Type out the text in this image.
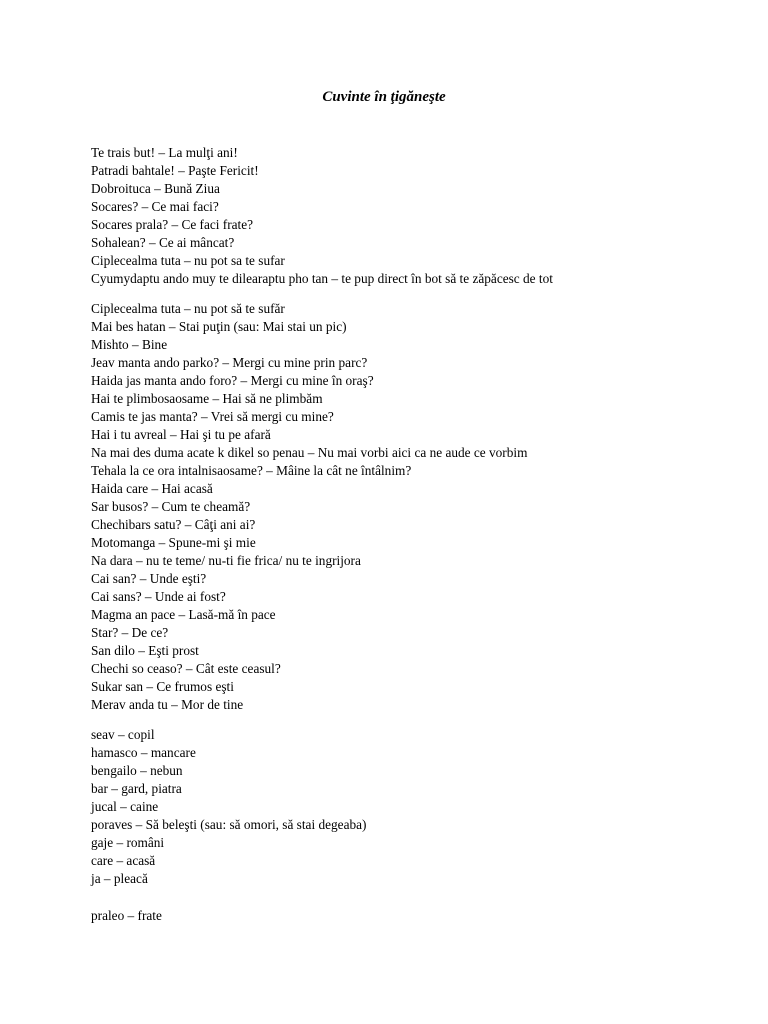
Cuvinte în ţigăneşte
Te trais but! – La mulţi ani!
Patradi bahtale! – Paşte Fericit!
Dobroituca – Bună Ziua
Socares? – Ce mai faci?
Socares prala? – Ce faci frate?
Sohalean? – Ce ai mâncat?
Ciplecealma tuta – nu pot sa te sufar
Cyumydaptu ando muy te dilearaptu pho tan – te pup direct în bot să te zăpăcesc de tot
Ciplecealma tuta – nu pot să te sufăr
Mai bes hatan – Stai puţin (sau: Mai stai un pic)
Mishto – Bine
Jeav manta ando parko? – Mergi cu mine prin parc?
Haida jas manta ando foro? – Mergi cu mine în oraş?
Hai te plimbosaosame – Hai să ne plimbăm
Camis te jas manta? – Vrei să mergi cu mine?
Hai i tu avreal – Hai şi tu pe afară
Na mai des duma acate k dikel so penau – Nu mai vorbi aici ca ne aude ce vorbim
Tehala la ce ora intalnisaosame? – Mâine la cât ne întâlnim?
Haida care – Hai acasă
Sar busos? – Cum te cheamă?
Chechibars satu? – Câţi ani ai?
Motomanga – Spune-mi şi mie
Na dara – nu te teme/ nu-ti fie frica/ nu te ingrijora
Cai san? – Unde eşti?
Cai sans? – Unde ai fost?
Magma an pace – Lasă-mă în pace
Star? – De ce?
San dilo – Eşti prost
Chechi so ceaso? – Cât este ceasul?
Sukar san – Ce frumos eşti
Merav anda tu – Mor de tine
seav – copil
hamasco – mancare
bengailo – nebun
bar – gard, piatra
jucal – caine
poraves – Să beleşti (sau: să omori, să stai degeaba)
gaje – români
care – acasă
ja – pleacă
praleo – frate
